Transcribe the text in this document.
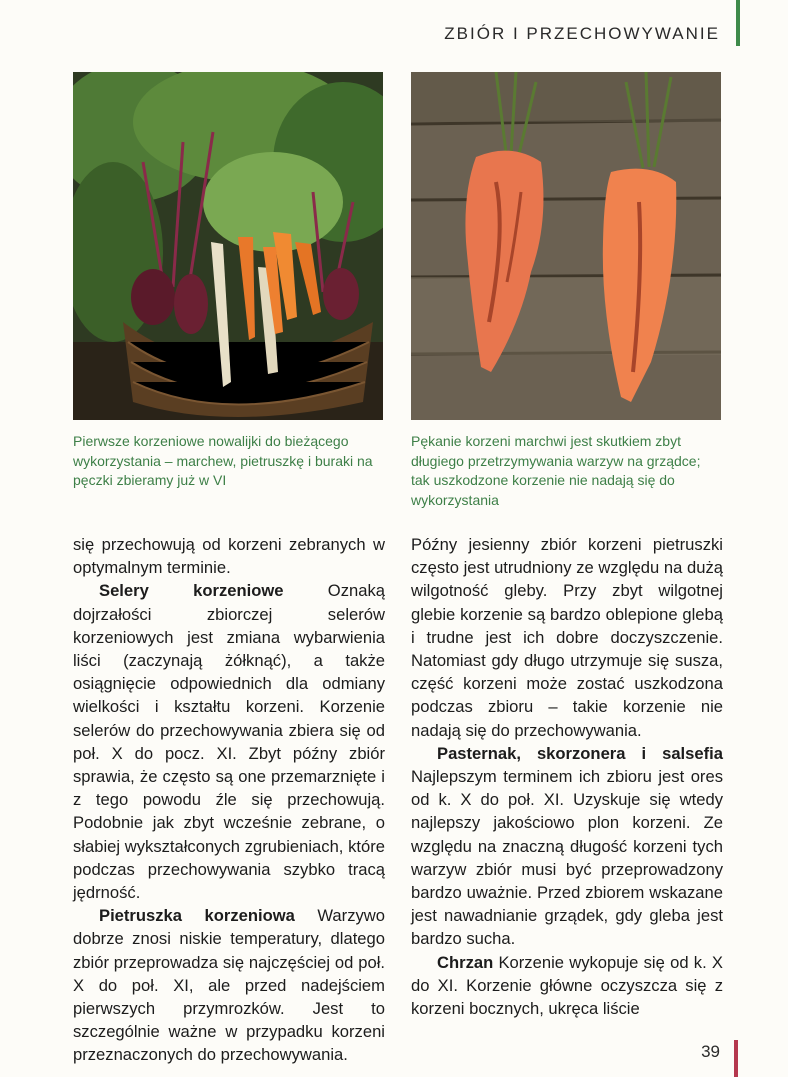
ZBIÓR I PRZECHOWYWANIE
Pierwsze korzeniowe nowalijki do bieżącego wykorzystania – marchew, pietruszkę i buraki na pęczki zbieramy już w VI
Pękanie korzeni marchwi jest skutkiem zbyt długiego przetrzymywania warzyw na grządce; tak uszkodzone korzenie nie nadają się do wykorzystania

się przechowują od korzeni zebranych w optymalnym terminie.

Selery korzeniowe Oznaką dojrzałości zbiorczej selerów korzeniowych jest zmiana wybarwienia liści (zaczynają żółknąć), a także osiągnięcie odpowiednich dla odmiany wielkości i kształtu korzeni. Korzenie selerów do przechowywania zbiera się od poł. X do pocz. XI. Zbyt późny zbiór sprawia, że często są one przemarznięte i z tego powodu źle się przechowują. Podobnie jak zbyt wcześnie zebrane, o słabiej wykształconych zgrubieniach, które podczas przechowywania szybko tracą jędrność.

Pietruszka korzeniowa Warzywo dobrze znosi niskie temperatury, dlatego zbiór przeprowadza się najczęściej od poł. X do poł. XI, ale przed nadejściem pierwszych przymrozków. Jest to szczególnie ważne w przypadku korzeni przeznaczonych do przechowywania.

Późny jesienny zbiór korzeni pietruszki często jest utrudniony ze względu na dużą wilgotność gleby. Przy zbyt wilgotnej glebie korzenie są bardzo oblepione glebą i trudne jest ich dobre doczyszczenie. Natomiast gdy długo utrzymuje się susza, część korzeni może zostać uszkodzona podczas zbioru – takie korzenie nie nadają się do przechowywania.

Pasternak, skorzonera i salsefia Najlepszym terminem ich zbioru jest ores od k. X do poł. XI. Uzyskuje się wtedy najlepszy jakościowo plon korzeni. Ze względu na znaczną długość korzeni tych warzyw zbiór musi być przeprowadzony bardzo uważnie. Przed zbiorem wskazane jest nawadnianie grządek, gdy gleba jest bardzo sucha.

Chrzan Korzenie wykopuje się od k. X do XI. Korzenie główne oczyszcza się z korzeni bocznych, ukręca liście

39
